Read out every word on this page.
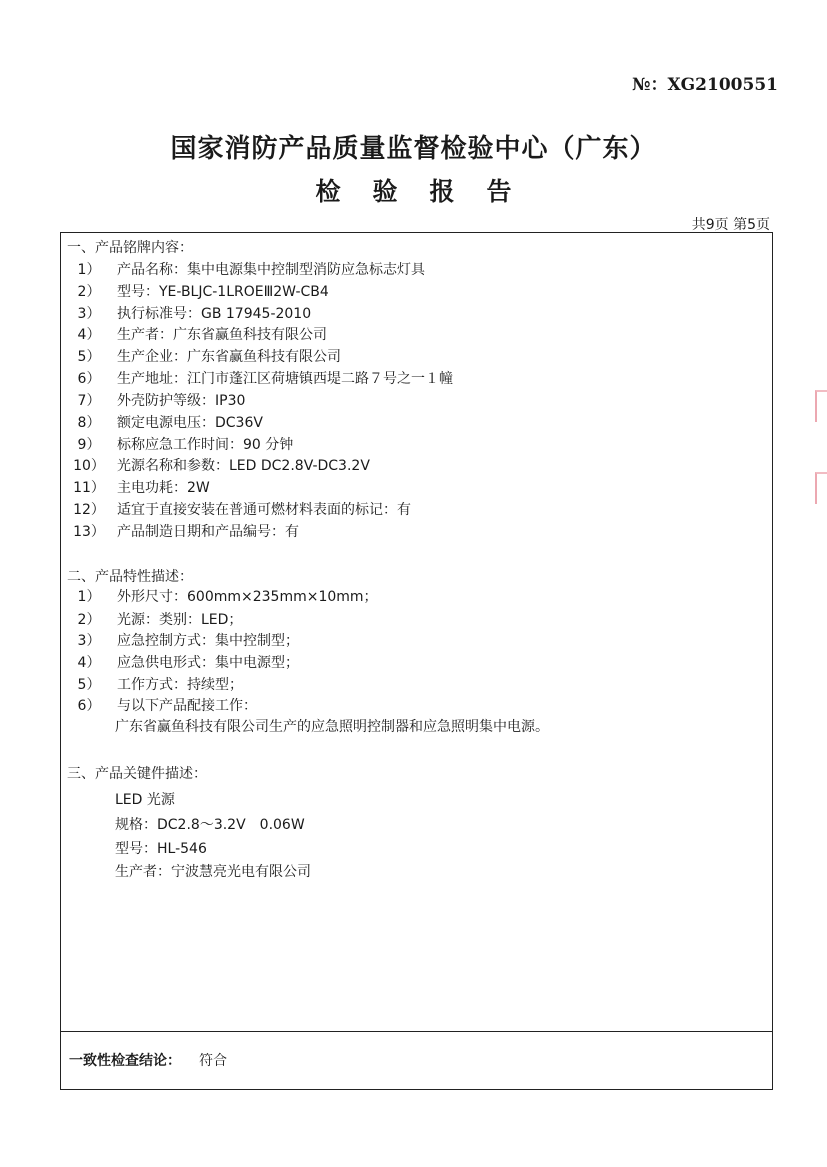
№：XG2100551
国家消防产品质量监督检验中心（广东）
检验报告
共9页 第5页
一、产品铭牌内容：
1）	产品名称：集中电源集中控制型消防应急标志灯具
2）	型号：YE-BLJC-1LROEⅢ2W-CB4
3）	执行标准号：GB 17945-2010
4）	生产者：广东省赢鱼科技有限公司
5）	生产企业：广东省赢鱼科技有限公司
6）	生产地址：江门市蓬江区荷塘镇西堤二路７号之一１幢
7）	外壳防护等级：IP30
8）	额定电源电压：DC36V
9）	标称应急工作时间：90 分钟
10） 光源名称和参数：LED DC2.8V-DC3.2V
11） 主电功耗：2W
12） 适宜于直接安装在普通可燃材料表面的标记：有
13） 产品制造日期和产品编号：有
二、产品特性描述：
1）	外形尺寸：600mm×235mm×10mm；
2）	光源：类别：LED；
3）	应急控制方式：集中控制型；
4）	应急供电形式：集中电源型；
5）	工作方式：持续型；
6）	与以下产品配接工作：
广东省赢鱼科技有限公司生产的应急照明控制器和应急照明集中电源。
三、产品关键件描述：
LED 光源
规格：DC2.8～3.2V　0.06W
型号：HL-546
生产者：宁波慧亮光电有限公司
一致性检查结论： 符合
